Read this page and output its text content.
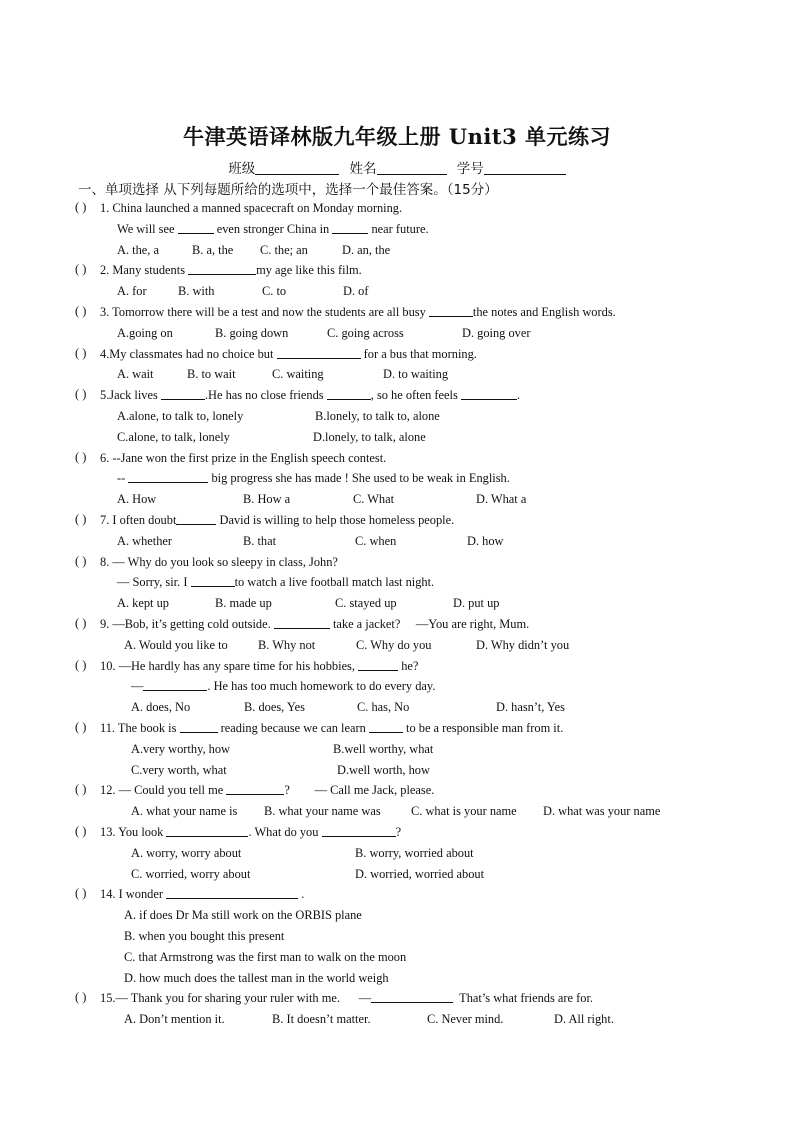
牛津英语译林版九年级上册 Unit3 单元练习
班级	姓名	学号
一、单项选择 从下列每题所给的选项中，选择一个最佳答案。（15分）
( ) 1. China launched a manned spacecraft on Monday morning.
We will see	even stronger China in	near future.
A. the, a	B. a, the C. the; an	D. an, the
( ) 2. Many students	my age like this film.
A. for	B. with	C. to	D. of
( ) 3. Tomorrow there will be a test and now the students are all busy	the notes and English words.
A.going on	B. going down	C. going across	D. going over
( ) 4.My classmates had no choice but	for a bus that morning.
A. wait	B. to wait	C. waiting	D. to waiting
( ) 5.Jack lives	.He has no close friends	, so he often feels	.
A.alone, to talk to, lonely	B.lonely, to talk to, alone
C.alone, to talk, lonely	D.lonely, to talk, alone
( ) 6. --Jane won the first prize in the English speech contest.
--	big progress she has made ! She used to be weak in English.
A. How	B. How a	C. What	D. What a
( ) 7. I often doubt	David is willing to help those homeless people.
A. whether	B. that	C. when	D. how
( ) 8. — Why do you look so sleepy in class, John?
— Sorry, sir. I	to watch a live football match last night.
A. kept up	B. made up	C. stayed up	D. put up
( ) 9. —Bob, it’s getting cold outside.	take a jacket? —You are right, Mum.
A. Would you like to B. Why not	C. Why do you	D. Why didn’t you
( ) 10. —He hardly has any spare time for his hobbies,	he?
—	. He has too much homework to do every day.
A. does, No	B. does, Yes	C. has, No	D. hasn’t, Yes
( ) 11. The book is	reading because we can learn	to be a responsible man from it.
A.very worthy, how	B.well worthy, what
C.very worth, what	D.well worth, how
( ) 12. — Could you tell me	? — Call me Jack, please.
A. what your name is B. what your name was C. what is your name D. what was your name
( ) 13. You look	. What do you	?
A. worry, worry about	B. worry, worried about
C. worried, worry about	D. worried, worried about
( ) 14. I wonder	.
A. if does Dr Ma still work on the ORBIS plane
B. when you bought this present
C. that Armstrong was the first man to walk on the moon
D. how much does the tallest man in the world weigh
( ) 15.— Thank you for sharing your ruler with me. —	That’s what friends are for.
A. Don’t mention it.	B. It doesn’t matter.	C. Never mind.	D. All right.
